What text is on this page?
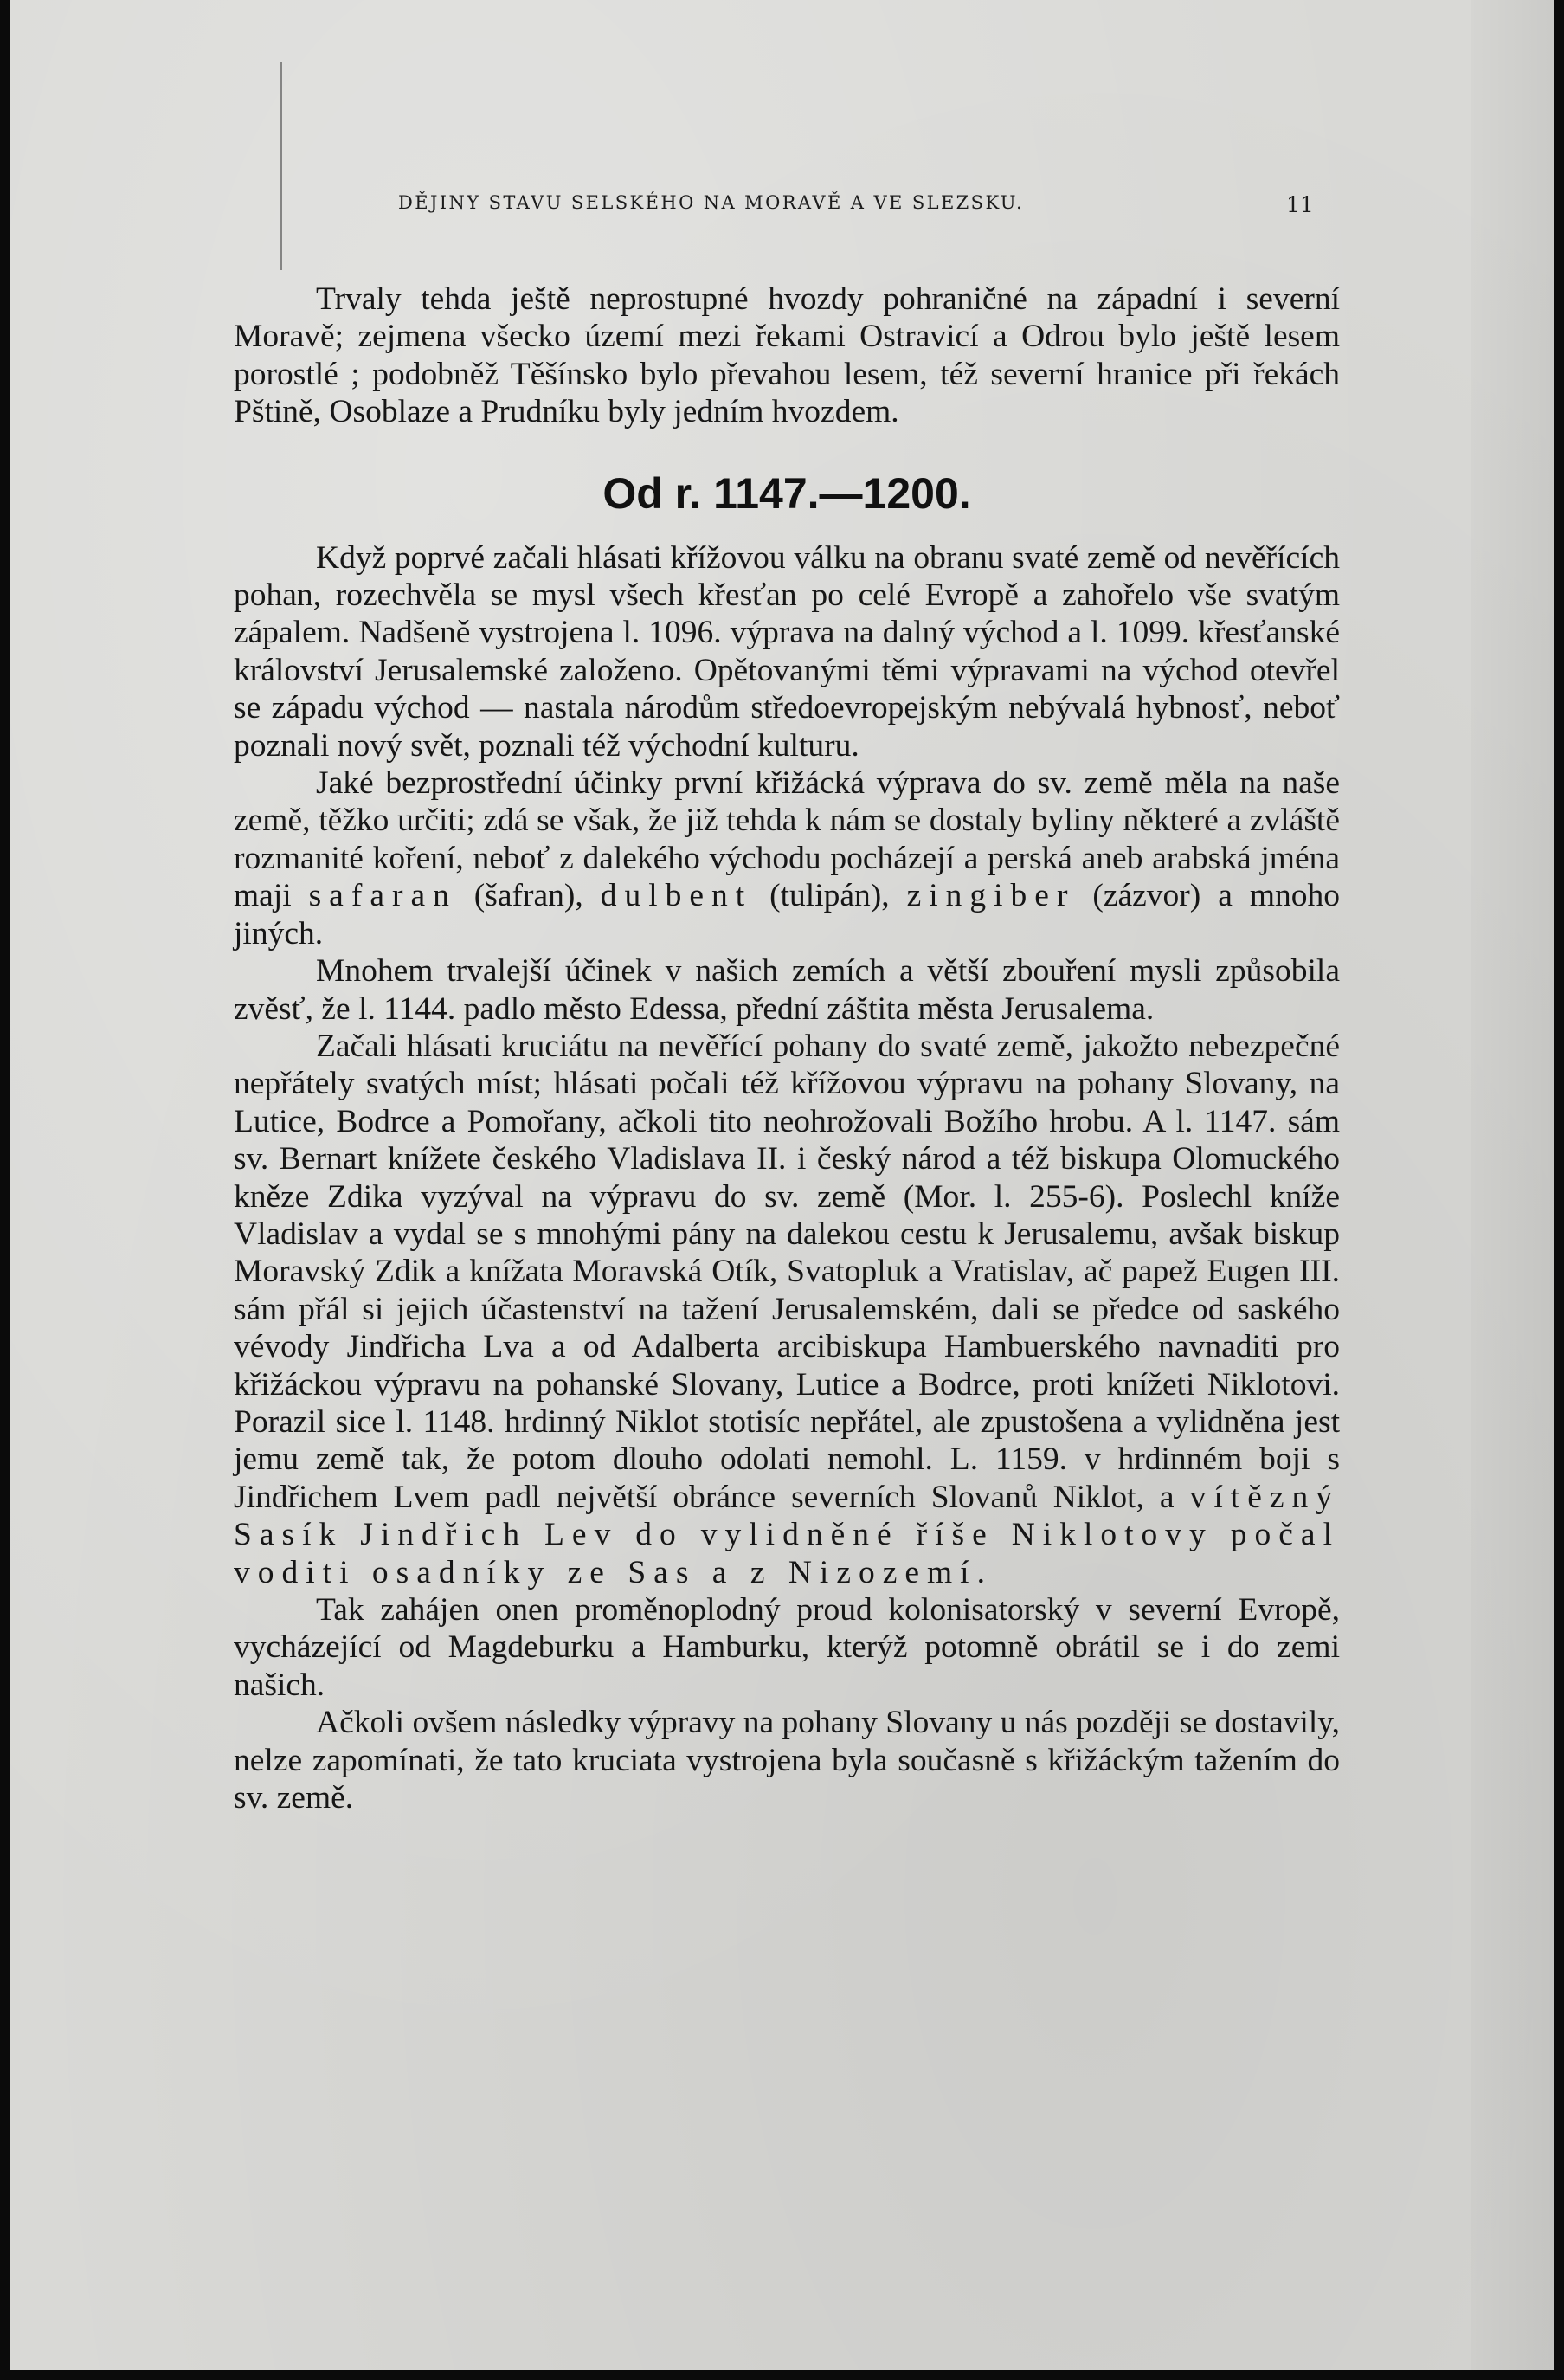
DĚJINY STAVU SELSKÉHO NA MORAVĚ A VE SLEZSKU.	11

Trvaly tehda ještě neprostupné hvozdy pohraničné na západní i severní Moravě; zejmena všecko území mezi řekami Ostravicí a Odrou bylo ještě lesem porostlé ; podobněž Těšínsko bylo převahou lesem, též severní hranice při řekách Pštině, Osoblaze a Prudníku byly jedním hvozdem.

Od r. 1147.—1200.

Když poprvé začali hlásati křížovou válku na obranu svaté země od nevěřících pohan, rozechvěla se mysl všech křesťan po celé Evropě a zahořelo vše svatým zápalem. Nadšeně vystrojena l. 1096. výprava na dalný východ a l. 1099. křesťanské království Jerusalemské založeno. Opětovanými těmi výpravami na východ otevřel se západu východ — nastala národům středoevropejským nebývalá hybnosť, neboť poznali nový svět, poznali též východní kulturu.

Jaké bezprostřední účinky první křižácká výprava do sv. země měla na naše země, těžko určiti; zdá se však, že již tehda k nám se dostaly byliny některé a zvláště rozmanité koření, neboť z dalekého východu pocházejí a perská aneb arabská jména maji safaran (šafran), dulbent (tulipán), zingiber (zázvor) a mnoho jiných.

Mnohem trvalejší účinek v našich zemích a větší zbouření mysli způsobila zvěsť, že l. 1144. padlo město Edessa, přední záštita města Jerusalema.

Začali hlásati kruciátu na nevěřící pohany do svaté země, jakožto nebezpečné nepřátely svatých míst; hlásati počali též křížovou výpravu na pohany Slovany, na Lutice, Bodrce a Pomořany, ačkoli tito neohrožovali Božího hrobu. A l. 1147. sám sv. Bernart knížete českého Vladislava II. i český národ a též biskupa Olomuckého kněze Zdika vyzýval na výpravu do sv. země (Mor. l. 255-6). Poslechl kníže Vladislav a vydal se s mnohými pány na dalekou cestu k Jerusalemu, avšak biskup Moravský Zdik a knížata Moravská Otík, Svatopluk a Vratislav, ač papež Eugen III. sám přál si jejich účastenství na tažení Jerusalemském, dali se předce od saského vévody Jindřicha Lva a od Adalberta arcibiskupa Hambuerského navnaditi pro křižáckou výpravu na pohanské Slovany, Lutice a Bodrce, proti knížeti Niklotovi. Porazil sice l. 1148. hrdinný Niklot stotisíc nepřátel, ale zpustošena a vylidněna jest jemu země tak, že potom dlouho odolati nemohl. L. 1159. v hrdinném boji s Jindřichem Lvem padl největší obránce severních Slovanů Niklot, a vítězný Sasík Jindřich Lev do vylidněné říše Niklotovy počal voditi osadníky ze Sas a z Nizozemí.

Tak zahájen onen proměnoplodný proud kolonisatorský v severní Evropě, vycházející od Magdeburku a Hamburku, kterýž potomně obrátil se i do zemi našich.

Ačkoli ovšem následky výpravy na pohany Slovany u nás později se dostavily, nelze zapomínati, že tato kruciata vystrojena byla současně s křižáckým tažením do sv. země.
